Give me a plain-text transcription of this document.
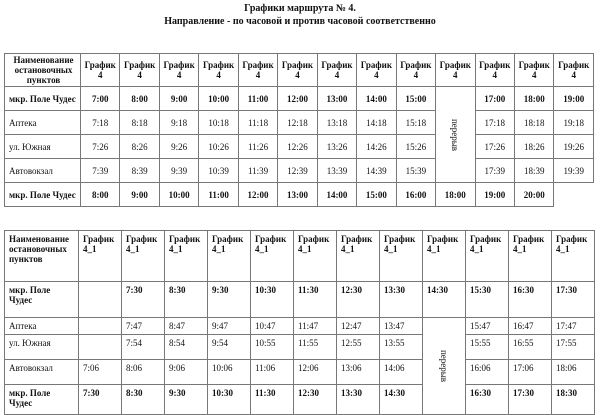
Графики маршрута № 4.
Направление - по часовой и против часовой соответственно
Наименование остановочных пунктов	График 4	График 4	График 4	График 4	График 4	График 4	График 4	График 4	График 4	График 4	График 4	График 4	График 4
мкр. Поле Чудес	7:00	8:00	9:00	10:00	11:00	12:00	13:00	14:00	15:00	перерыв	17:00	18:00	19:00
Аптека	7:18	8:18	9:18	10:18	11:18	12:18	13:18	14:18	15:18		17:18	18:18	19:18
ул. Южная	7:26	8:26	9:26	10:26	11:26	12:26	13:26	14:26	15:26		17:26	18:26	19:26
Автовокзал	7:39	8:39	9:39	10:39	11:39	12:39	13:39	14:39	15:39		17:39	18:39	19:39
мкр. Поле Чудес	8:00	9:00	10:00	11:00	12:00	13:00	14:00	15:00	16:00	18:00	19:00	20:00	
Наименование остановочных пунктов	График 4_1	График 4_1	График 4_1	График 4_1	График 4_1	График 4_1	График 4_1	График 4_1	График 4_1	График 4_1	График 4_1	График 4_1
мкр. Поле Чудес		7:30	8:30	9:30	10:30	11:30	12:30	13:30	14:30	15:30	16:30	17:30
Аптека		7:47	8:47	9:47	10:47	11:47	12:47	13:47	перерыв	15:47	16:47	17:47
ул. Южная		7:54	8:54	9:54	10:55	11:55	12:55	13:55		15:55	16:55	17:55
Автовокзал	7:06	8:06	9:06	10:06	11:06	12:06	13:06	14:06		16:06	17:06	18:06
мкр. Поле Чудес	7:30	8:30	9:30	10:30	11:30	12:30	13:30	14:30		16:30	17:30	18:30
